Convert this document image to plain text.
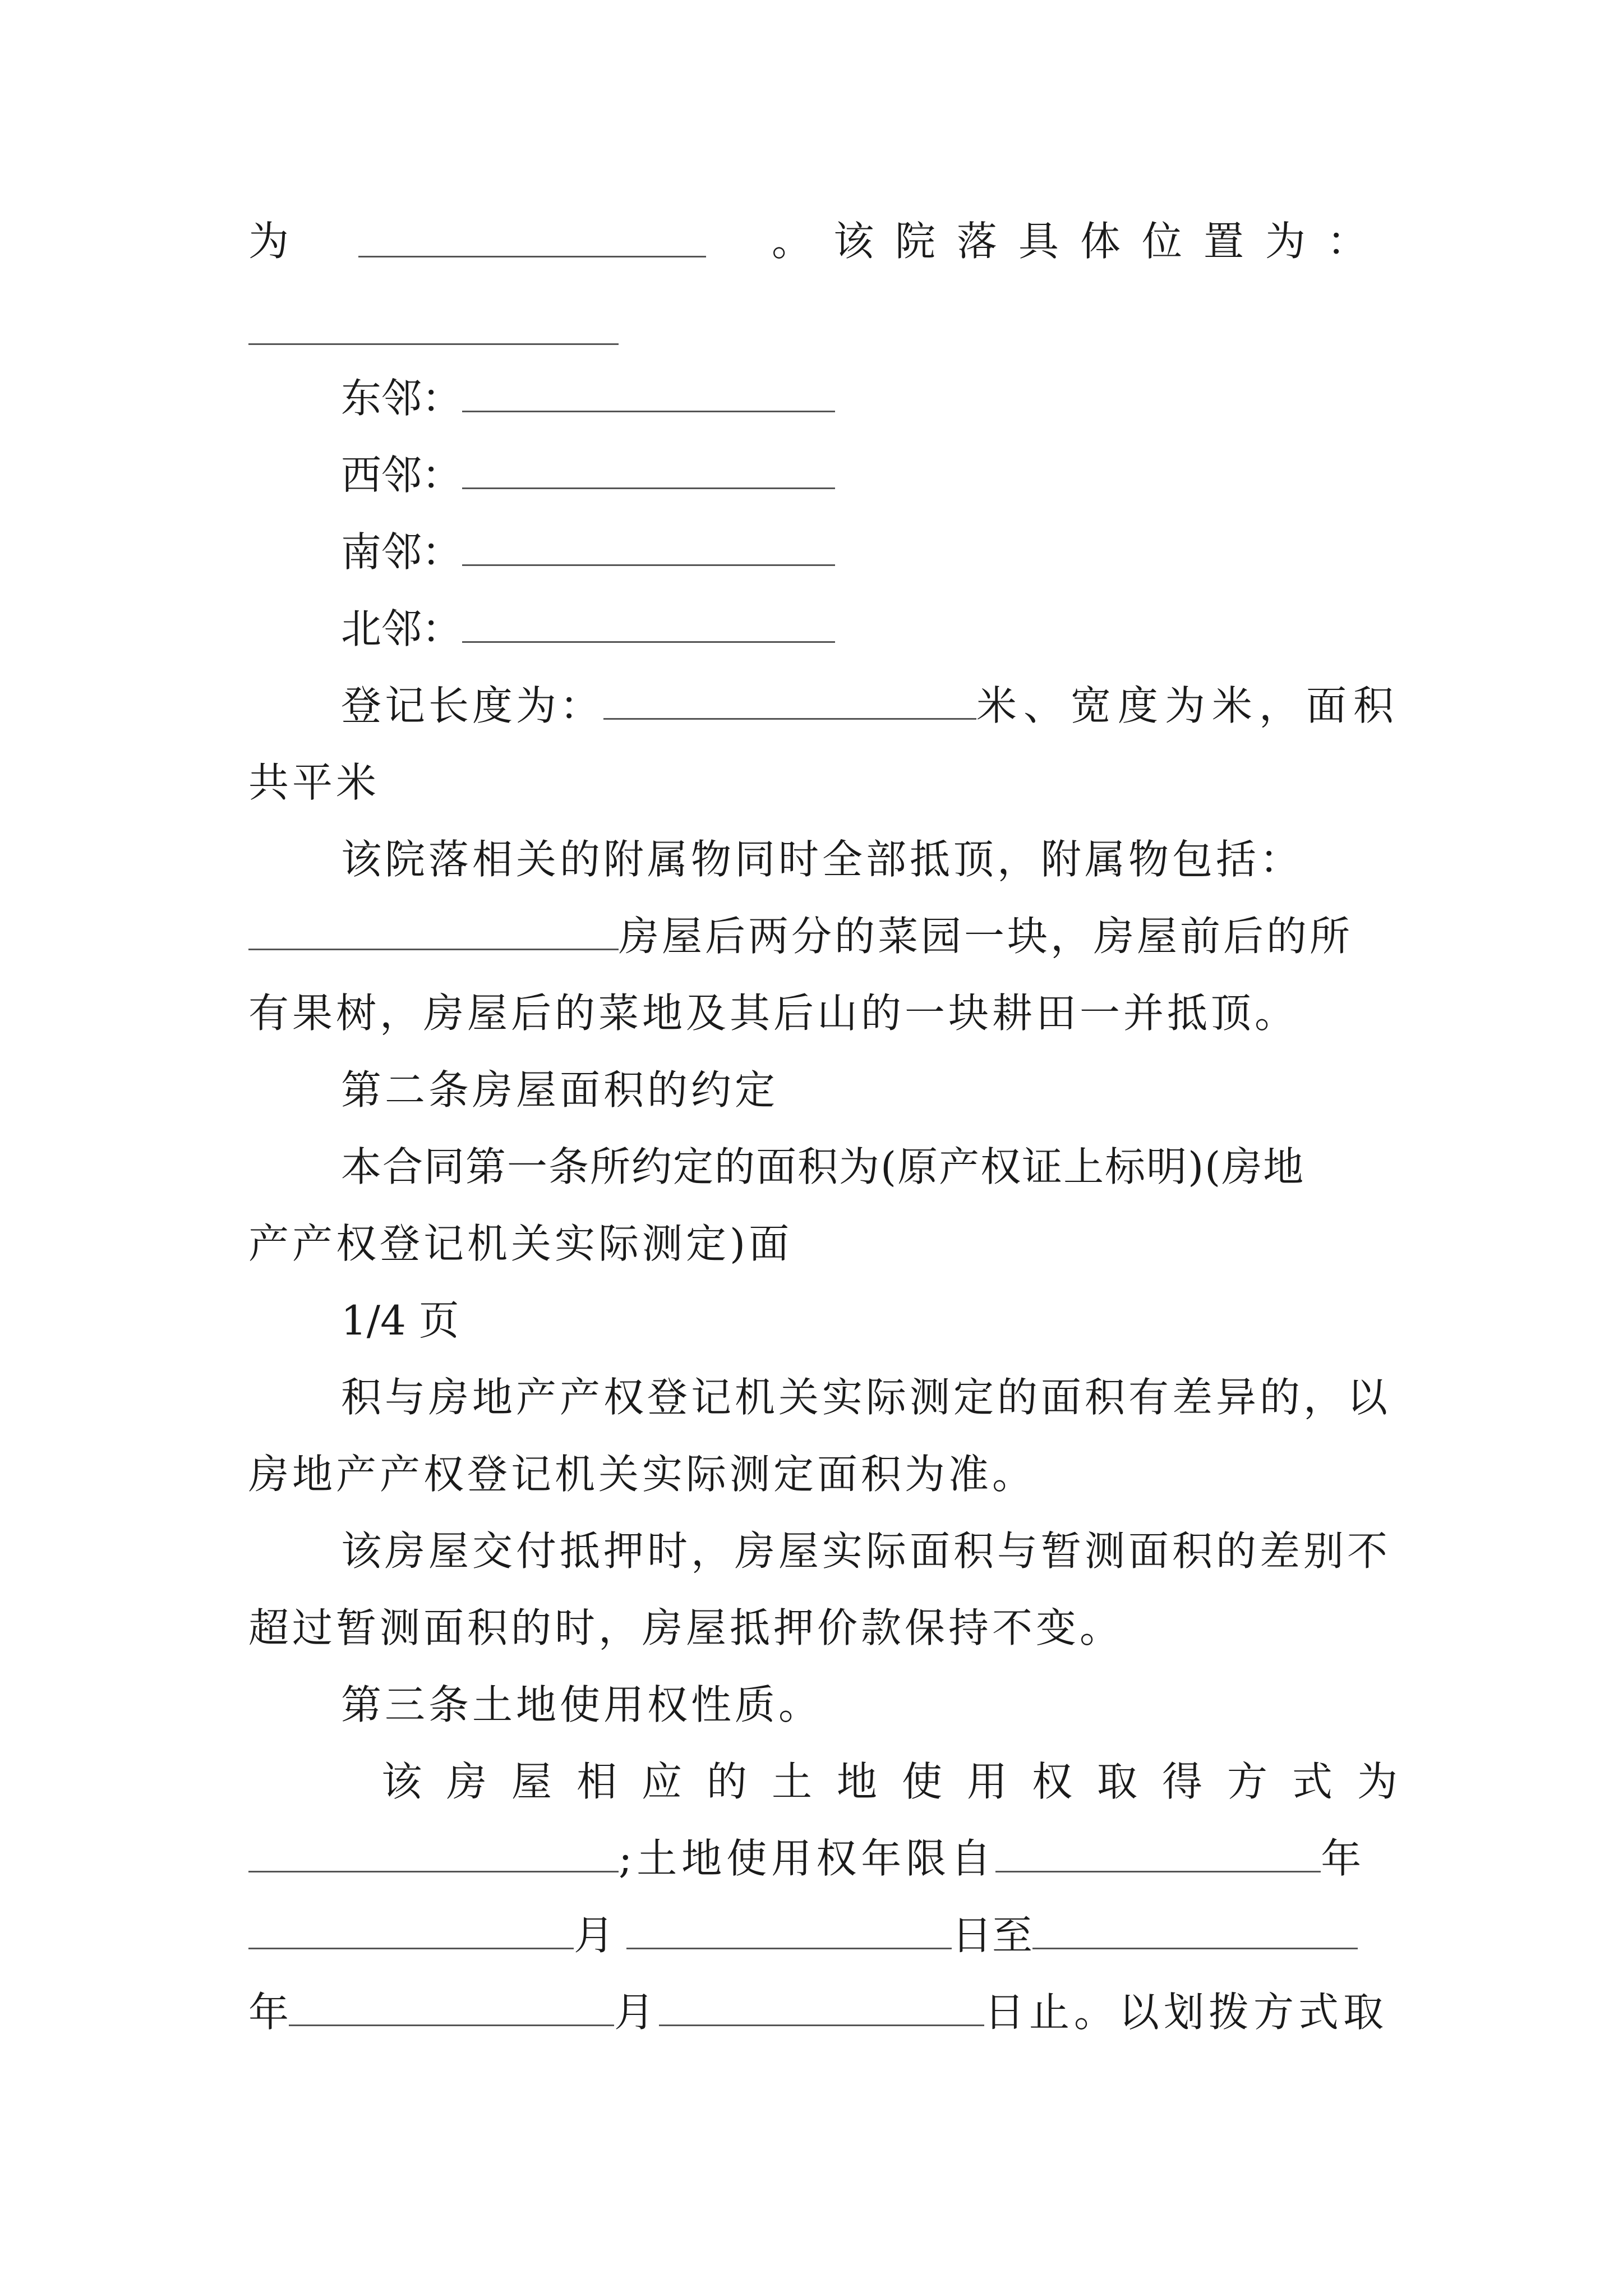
为	。该院落具体位置为：
东邻：
西邻：
南邻：
北邻：
登记长度为：	米、宽度为米，面积
共平米
该院落相关的附属物同时全部抵顶，附属物包括：
房屋后两分的菜园一块，房屋前后的所
有果树，房屋后的菜地及其后山的一块耕田一并抵顶。
第二条房屋面积的约定
本合同第一条所约定的面积为(原产权证上标明)(房地
产产权登记机关实际测定)面
1/4 页
积与房地产产权登记机关实际测定的面积有差异的，以
房地产产权登记机关实际测定面积为准。
该房屋交付抵押时，房屋实际面积与暂测面积的差别不
超过暂测面积的时，房屋抵押价款保持不变。
第三条土地使用权性质。
该房屋相应的土地使用权取得方式为
;土地使用权年限自	年
月	日至
年	月	日止。以划拨方式取
